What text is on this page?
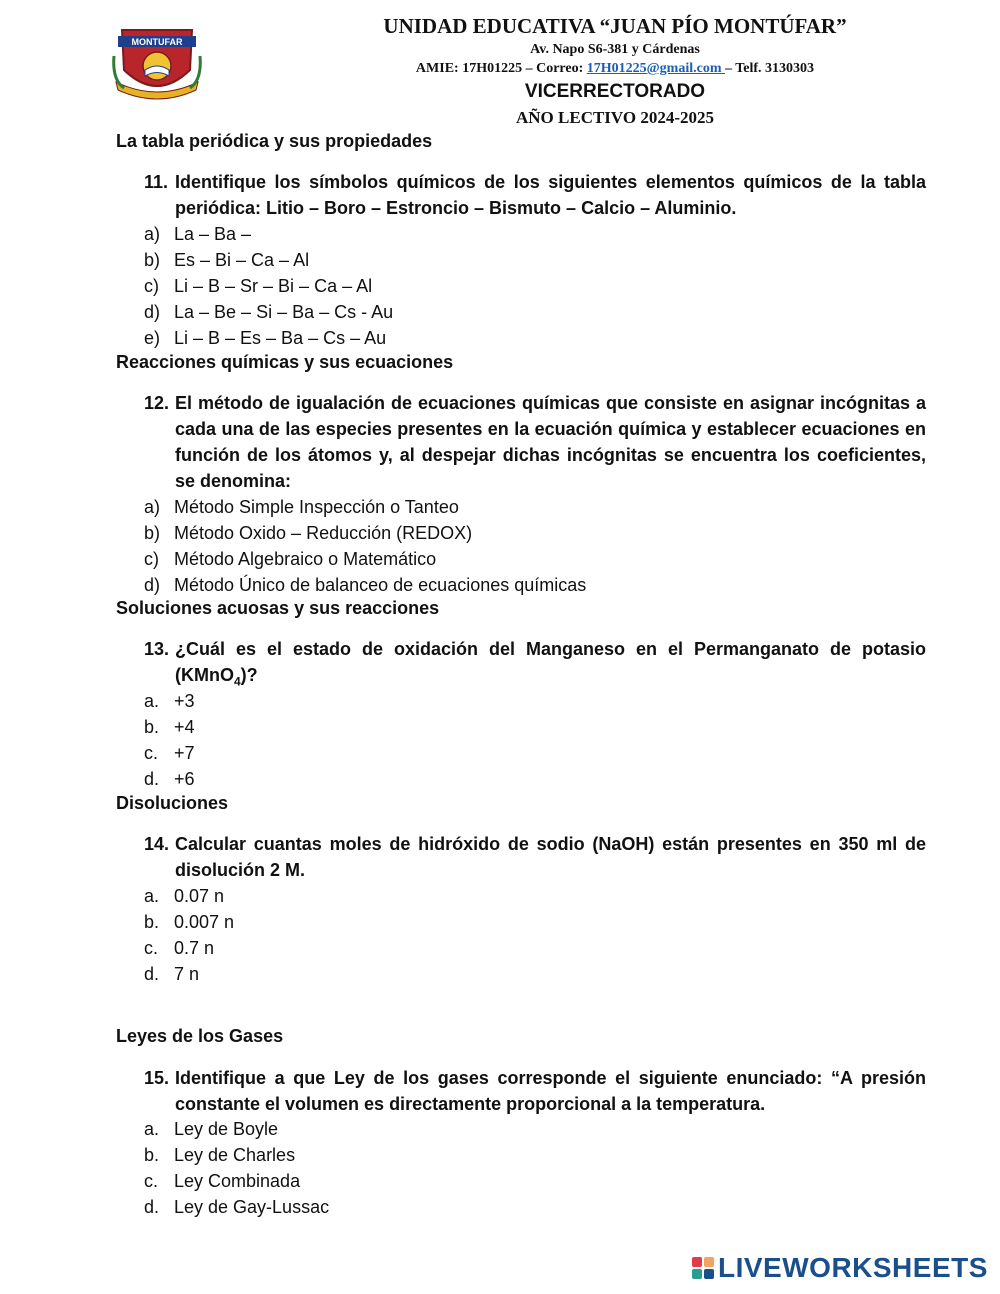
MONTUFAR
UNIDAD EDUCATIVA “JUAN PÍO MONTÚFAR”
Av. Napo S6-381 y Cárdenas
AMIE: 17H01225 – Correo: 17H01225@gmail.com – Telf. 3130303
VICERRECTORADO
AÑO LECTIVO 2024-2025
La tabla periódica y sus propiedades
11. Identifique los símbolos químicos de los siguientes elementos químicos de la tabla periódica: Litio – Boro – Estroncio – Bismuto – Calcio – Aluminio.
a) La – Ba –
b) Es – Bi – Ca – Al
c) Li – B – Sr – Bi – Ca – Al
d) La – Be – Si – Ba – Cs - Au
e) Li – B – Es – Ba – Cs – Au
Reacciones químicas y sus ecuaciones
12. El método de igualación de ecuaciones químicas que consiste en asignar incógnitas a cada una de las especies presentes en la ecuación química y establecer ecuaciones en función de los átomos y, al despejar dichas incógnitas se encuentra los coeficientes, se denomina:
a) Método Simple Inspección o Tanteo
b) Método Oxido – Reducción (REDOX)
c) Método Algebraico o Matemático
d) Método Único de balanceo de ecuaciones químicas
Soluciones acuosas y sus reacciones
13. ¿Cuál es el estado de oxidación del Manganeso en el Permanganato de potasio (KMnO$_4$)?
a. +3
b. +4
c. +7
d. +6
Disoluciones
14. Calcular cuantas moles de hidróxido de sodio (NaOH) están presentes en 350 ml de disolución 2 M.
a. 0.07 n
b. 0.007 n
c. 0.7 n
d. 7 n
Leyes de los Gases
15. Identifique a que Ley de los gases corresponde el siguiente enunciado: “A presión constante el volumen es directamente proporcional a la temperatura.
a. Ley de Boyle
b. Ley de Charles
c. Ley Combinada
d. Ley de Gay-Lussac
LIVEWORKSHEETS
